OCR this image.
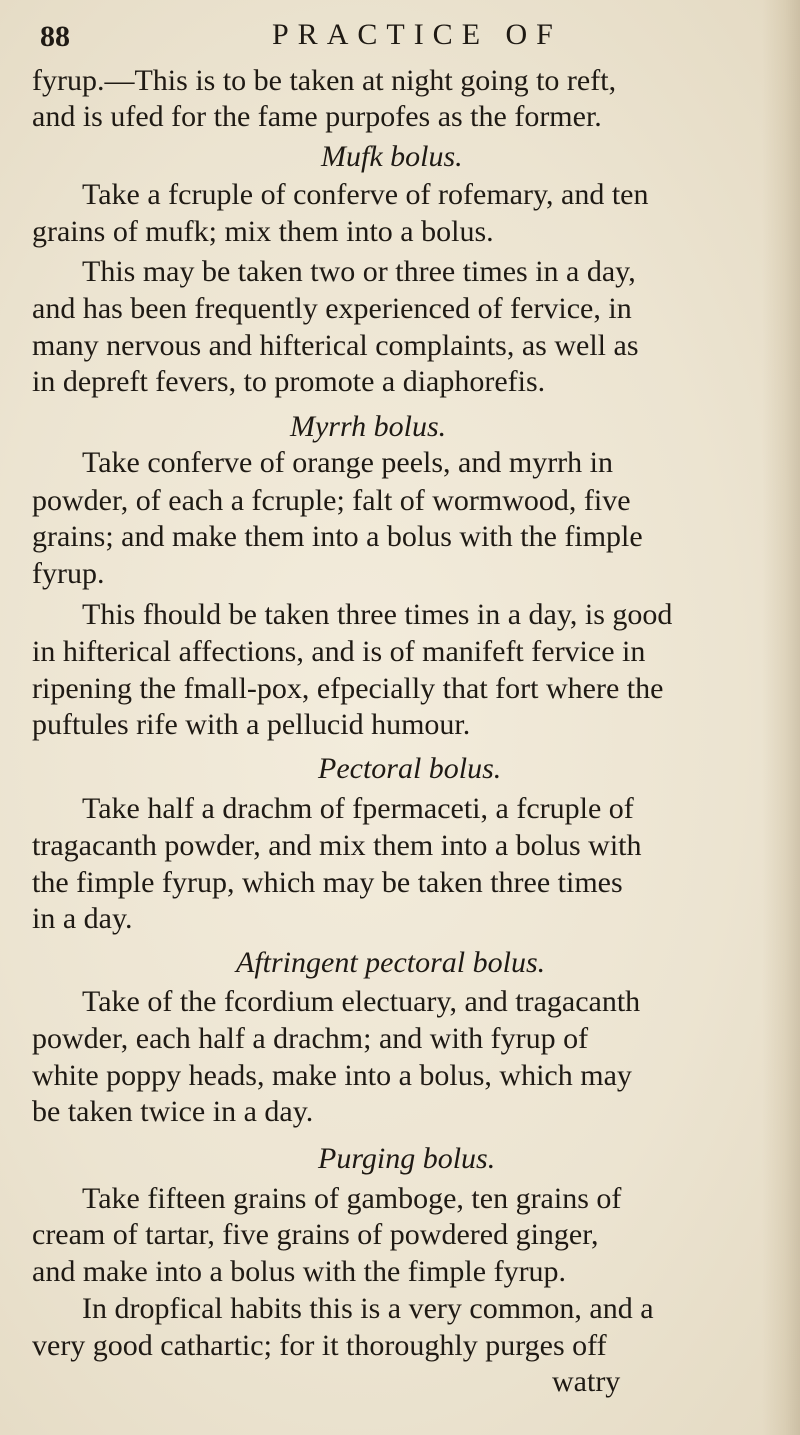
88	PRACTICE OF
fyrup.—This is to be taken at night going to reft,
and is ufed for the fame purpofes as the former.
Mufk bolus.
Take a fcruple of conferve of rofemary, and ten
grains of mufk; mix them into a bolus.
This may be taken two or three times in a day,
and has been frequently experienced of fervice, in
many nervous and hifterical complaints, as well as
in depreft fevers, to promote a diaphorefis.
Myrrh bolus.
Take conferve of orange peels, and myrrh in
powder, of each a fcruple; falt of wormwood, five
grains; and make them into a bolus with the fimple
fyrup.
This fhould be taken three times in a day, is good
in hifterical affections, and is of manifeft fervice in
ripening the fmall-pox, efpecially that fort where the
puftules rife with a pellucid humour.
Pectoral bolus.
Take half a drachm of fpermaceti, a fcruple of
tragacanth powder, and mix them into a bolus with
the fimple fyrup, which may be taken three times
in a day.
Aftringent pectoral bolus.
Take of the fcordium electuary, and tragacanth
powder, each half a drachm; and with fyrup of
white poppy heads, make into a bolus, which may
be taken twice in a day.
Purging bolus.
Take fifteen grains of gamboge, ten grains of
cream of tartar, five grains of powdered ginger,
and make into a bolus with the fimple fyrup.
In dropfical habits this is a very common, and a
very good cathartic; for it thoroughly purges off
watry
